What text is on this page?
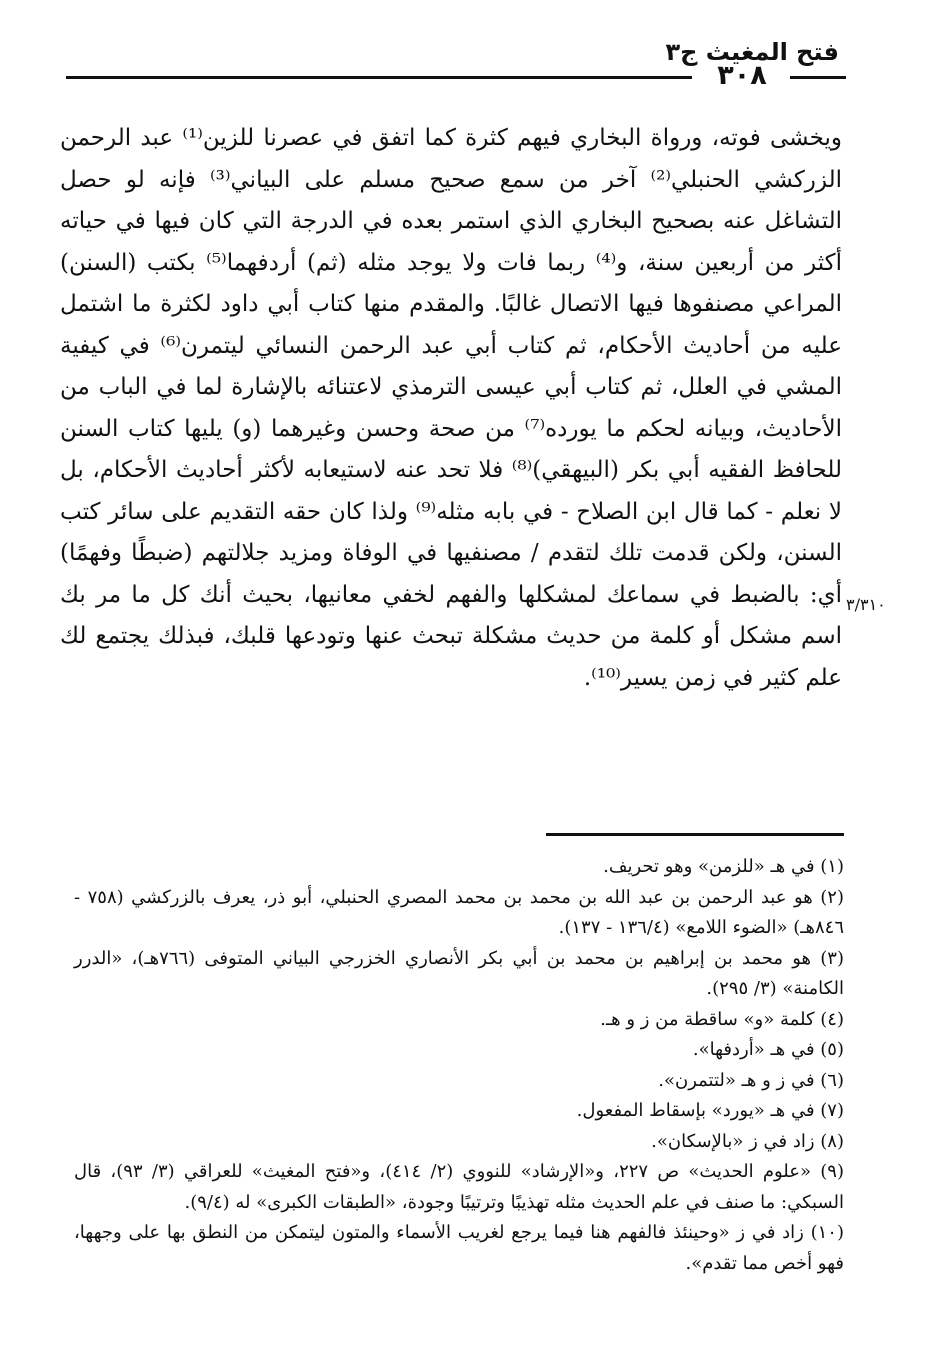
فتح المغيث ج٣
٣٠٨

ويخشى فوته، ورواة البخاري فيهم كثرة كما اتفق في عصرنا للزين⁽¹⁾ عبد الرحمن الزركشي الحنبلي⁽²⁾ آخر من سمع صحيح مسلم على البياني⁽³⁾ فإنه لو حصل التشاغل عنه بصحيح البخاري الذي استمر بعده في الدرجة التي كان فيها في حياته أكثر من أربعين سنة، و⁽⁴⁾ ربما فات ولا يوجد مثله (ثم) أردفهما⁽⁵⁾ بكتب (السنن) المراعي مصنفوها فيها الاتصال غالبًا. والمقدم منها كتاب أبي داود لكثرة ما اشتمل عليه من أحاديث الأحكام، ثم كتاب أبي عبد الرحمن النسائي ليتمرن⁽⁶⁾ في كيفية المشي في العلل، ثم كتاب أبي عيسى الترمذي لاعتنائه بالإشارة لما في الباب من الأحاديث، وبيانه لحكم ما يورده⁽⁷⁾ من صحة وحسن وغيرهما (و) يليها كتاب السنن للحافظ الفقيه أبي بكر (البيهقي)⁽⁸⁾ فلا تحد عنه لاستيعابه لأكثر أحاديث الأحكام، بل لا نعلم - كما قال ابن الصلاح - في بابه مثله⁽⁹⁾ ولذا كان حقه التقديم على سائر كتب السنن، ولكن قدمت تلك لتقدم / مصنفيها في الوفاة ومزيد جلالتهم (ضبطًا وفهمًا) أي: بالضبط في سماعك لمشكلها والفهم لخفي معانيها، بحيث أنك كل ما مر بك اسم مشكل أو كلمة من حديث مشكلة تبحث عنها وتودعها قلبك، فبذلك يجتمع لك علم كثير في زمن يسير⁽¹⁰⁾.

٣/٣١٠
(١) في هـ «للزمن» وهو تحريف.
(٢) هو عبد الرحمن بن عبد الله بن محمد بن محمد المصري الحنبلي، أبو ذر، يعرف بالزركشي (٧٥٨ - ٨٤٦هـ) «الضوء اللامع» (١٣٦/٤ - ١٣٧).
(٣) هو محمد بن إبراهيم بن محمد بن أبي بكر الأنصاري الخزرجي البياني المتوفى (٧٦٦هـ)، «الدرر الكامنة» (٣/ ٢٩٥).
(٤) كلمة «و» ساقطة من ز و هـ.
(٥) في هـ «أردفها».
(٦) في ز و هـ «لتتمرن».
(٧) في هـ «يورد» بإسقاط المفعول.
(٨) زاد في ز «بالإسكان».
(٩) «علوم الحديث» ص ٢٢٧، و«الإرشاد» للنووي (٢/ ٤١٤)، و«فتح المغيث» للعراقي (٣/ ٩٣)، قال السبكي: ما صنف في علم الحديث مثله تهذيبًا وترتيبًا وجودة، «الطبقات الكبرى» له (٩/٤).
(١٠) زاد في ز «وحينئذ فالفهم هنا فيما يرجع لغريب الأسماء والمتون ليتمكن من النطق بها على وجهها، فهو أخص مما تقدم».
